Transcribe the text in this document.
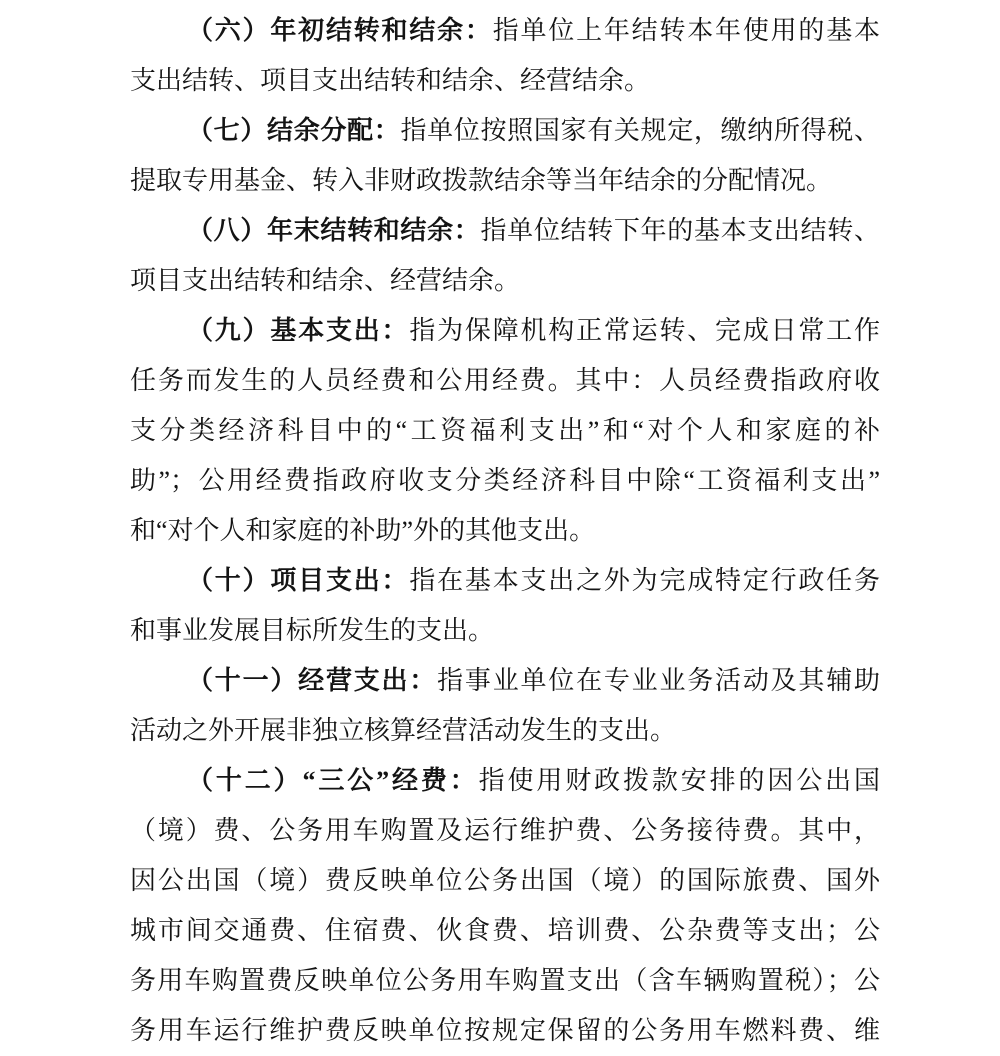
（六）年初结转和结余：指单位上年结转本年使用的基本
支出结转、项目支出结转和结余、经营结余。
（七）结余分配：指单位按照国家有关规定，缴纳所得税、
提取专用基金、转入非财政拨款结余等当年结余的分配情况。
（八）年末结转和结余：指单位结转下年的基本支出结转、
项目支出结转和结余、经营结余。
（九）基本支出：指为保障机构正常运转、完成日常工作
任务而发生的人员经费和公用经费。其中：人员经费指政府收
支分类经济科目中的“工资福利支出”和“对个人和家庭的补
助”；公用经费指政府收支分类经济科目中除“工资福利支出”
和“对个人和家庭的补助”外的其他支出。
（十）项目支出：指在基本支出之外为完成特定行政任务
和事业发展目标所发生的支出。
（十一）经营支出：指事业单位在专业业务活动及其辅助
活动之外开展非独立核算经营活动发生的支出。
（十二）“三公”经费：指使用财政拨款安排的因公出国
（境）费、公务用车购置及运行维护费、公务接待费。其中，
因公出国（境）费反映单位公务出国（境）的国际旅费、国外
城市间交通费、住宿费、伙食费、培训费、公杂费等支出；公
务用车购置费反映单位公务用车购置支出（含车辆购置税）；公
务用车运行维护费反映单位按规定保留的公务用车燃料费、维
